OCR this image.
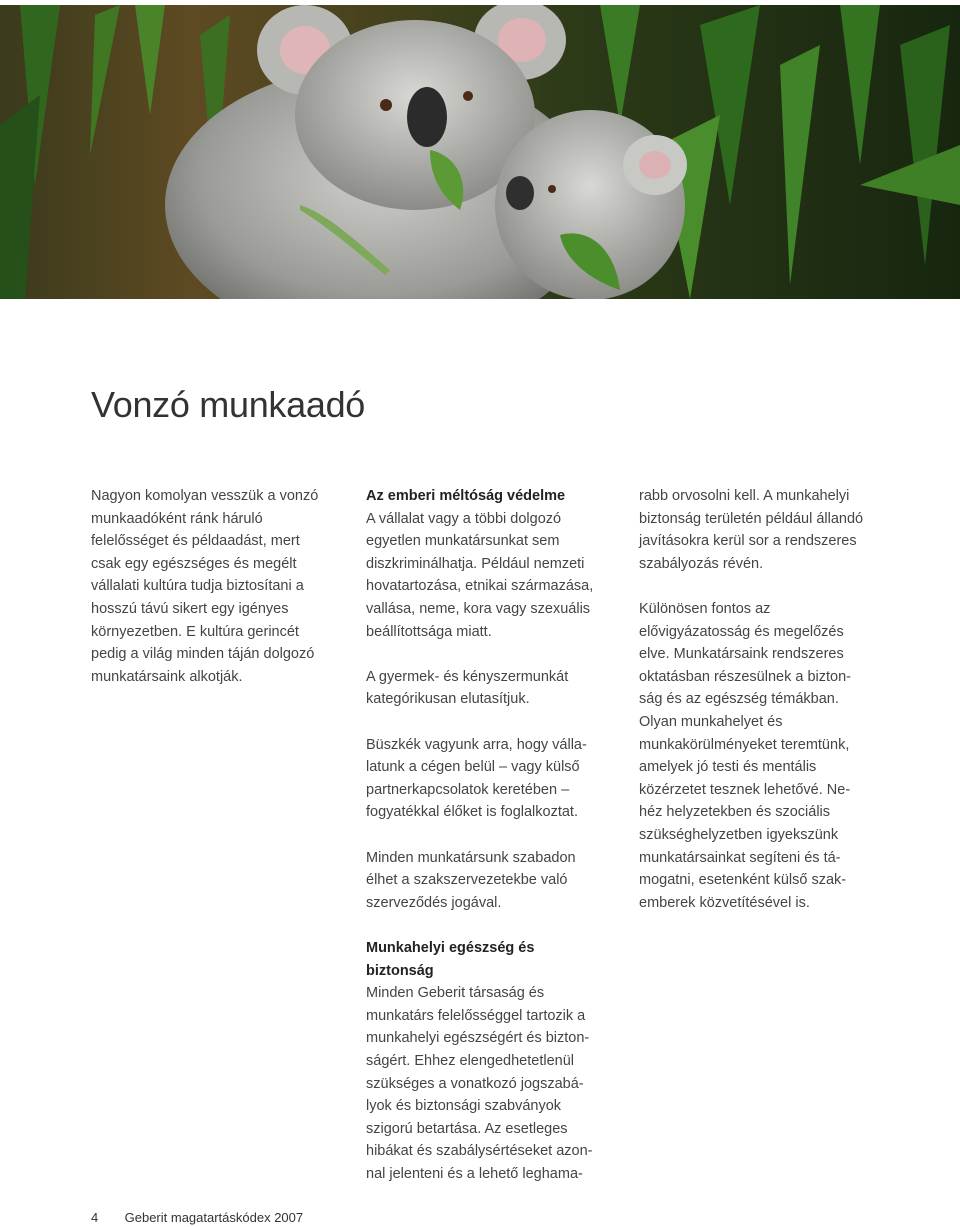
Vonzó munkaadó

Nagyon komolyan vesszük a vonzó
munkaadóként ránk háruló
felelősséget és példaadást, mert
csak egy egészséges és megélt
vállalati kultúra tudja biztosítani a
hosszú távú sikert egy igényes
környezetben. E kultúra gerincét
pedig a világ minden táján dolgozó
munkatársaink alkotják.

Az emberi méltóság védelme
A vállalat vagy a többi dolgozó
egyetlen munkatársunkat sem
diszkriminálhatja. Például nemzeti
hovatartozása, etnikai származása,
vallása, neme, kora vagy szexuális
beállítottsága miatt.
A gyermek- és kényszermunkát
kategórikusan elutasítjuk.
Büszkék vagyunk arra, hogy válla-
latunk a cégen belül – vagy külső
partnerkapcsolatok keretében –
fogyatékkal élőket is foglalkoztat.
Minden munkatársunk szabadon
élhet a szakszervezetekbe való
szerveződés jogával.
Munkahelyi egészség és
biztonság
Minden Geberit társaság és
munkatárs felelősséggel tartozik a
munkahelyi egészségért és bizton-
ságért. Ehhez elengedhetetlenül
szükséges a vonatkozó jogszabá-
lyok és biztonsági szabványok
szigorú betartása. Az esetleges
hibákat és szabálysértéseket azon-
nal jelenteni és a lehető leghama-
rabb orvosolni kell. A munkahelyi
biztonság területén például állandó
javításokra kerül sor a rendszeres
szabályozás révén.
Különösen fontos az
elővigyázatosság és megelőzés
elve. Munkatársaink rendszeres
oktatásban részesülnek a bizton-
ság és az egészség témákban.
Olyan munkahelyet és
munkakörülményeket teremtünk,
amelyek jó testi és mentális
közérzetet tesznek lehetővé. Ne-
héz helyzetekben és szociális
szükséghelyzetben igyekszünk
munkatársainkat segíteni és tá-
mogatni, esetenként külső szak-
emberek közvetítésével is.
4 Geberit magatartáskódex 2007
